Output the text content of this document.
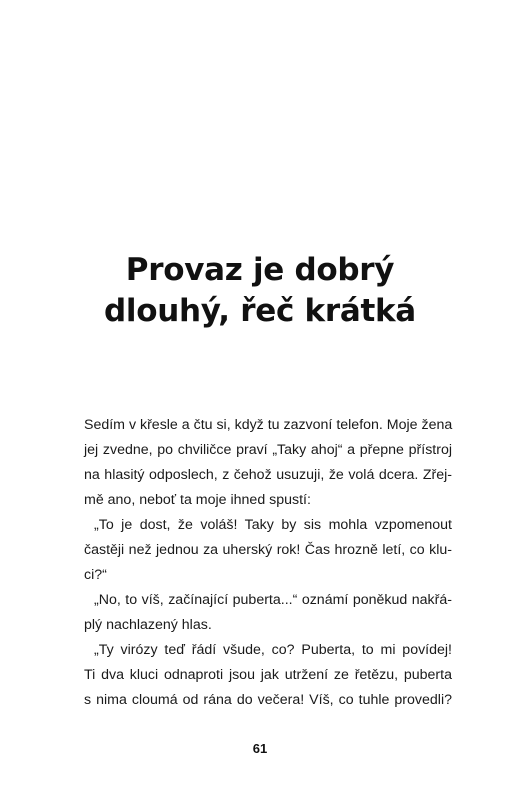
Provaz je dobrý
dlouhý, řeč krátká
Sedím v křesle a čtu si, když tu zazvoní telefon. Moje žena
jej zvedne, po chviličce praví „Taky ahoj“ a přepne přístroj
na hlasitý odposlech, z čehož usuzuji, že volá dcera. Zřej-
mě ano, neboť ta moje ihned spustí:
„To je dost, že voláš! Taky by sis mohla vzpomenout
častěji než jednou za uherský rok! Čas hrozně letí, co klu-
ci?“
„No, to víš, začínající puberta...“ oznámí poněkud nakřá-
plý nachlazený hlas.
„Ty virózy teď řádí všude, co? Puberta, to mi povídej!
Ti dva kluci odnaproti jsou jak utržení ze řetězu, puberta
s nima cloumá od rána do večera! Víš, co tuhle provedli?
61
